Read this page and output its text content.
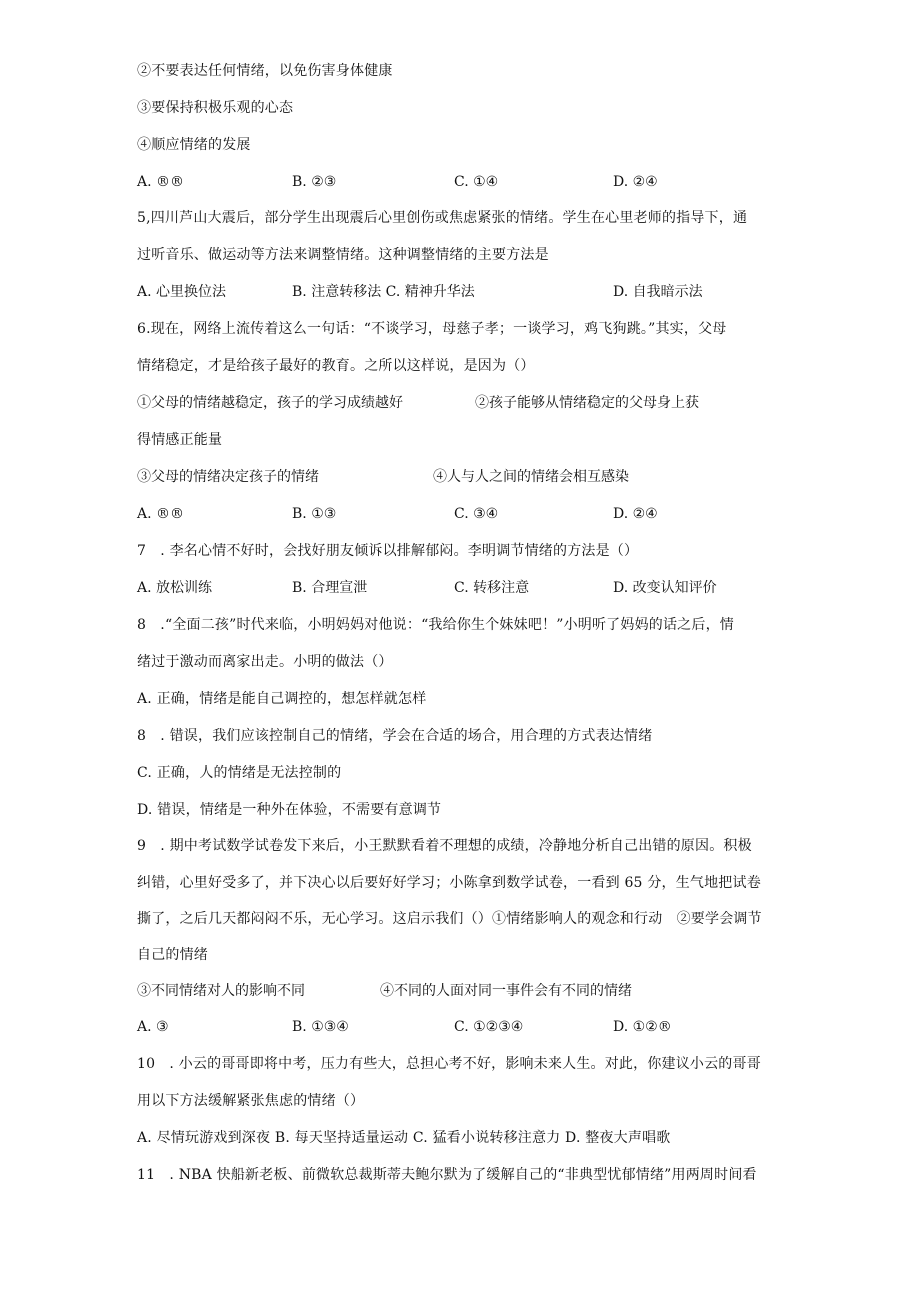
②不要表达任何情绪，以免伤害身体健康
③要保持积极乐观的心态
④顺应情绪的发展
A. ®®	B. ②③	C. ①④	D. ②④
5,四川芦山大震后，部分学生出现震后心里创伤或焦虑紧张的情绪。学生在心里老师的指导下，通
过听音乐、做运动等方法来调整情绪。这种调整情绪的主要方法是
A. 心里换位法	B. 注意转移法 C. 精神升华法	D. 自我暗示法
6.现在，网络上流传着这么一句话：“不谈学习，母慈子孝；一谈学习，鸡飞狗跳。”其实，父母
情绪稳定，才是给孩子最好的教育。之所以这样说，是因为（）
①父母的情绪越稳定，孩子的学习成绩越好	②孩子能够从情绪稳定的父母身上获
得情感正能量
③父母的情绪决定孩子的情绪	④人与人之间的情绪会相互感染
A. ®®	B. ①③	C. ③④	D. ②④
7　. 李名心情不好时，会找好朋友倾诉以排解郁闷。李明调节情绪的方法是（）
A. 放松训练	B. 合理宣泄	C. 转移注意	D. 改变认知评价
8　.“全面二孩”时代来临，小明妈妈对他说：“我给你生个妹妹吧！”小明听了妈妈的话之后，情
绪过于激动而离家出走。小明的做法（）
A. 正确，情绪是能自己调控的，想怎样就怎样
8　. 错误，我们应该控制自己的情绪，学会在合适的场合，用合理的方式表达情绪
C. 正确，人的情绪是无法控制的
D. 错误，情绪是一种外在体验，不需要有意调节
9　. 期中考试数学试卷发下来后，小王默默看着不理想的成绩，冷静地分析自己出错的原因。积极
纠错，心里好受多了，并下决心以后要好好学习；小陈拿到数学试卷，一看到 65 分，生气地把试卷
撕了，之后几天都闷闷不乐，无心学习。这启示我们（）①情绪影响人的观念和行动　②要学会调节
自己的情绪
③不同情绪对人的影响不同	④不同的人面对同一事件会有不同的情绪
A. ③	B. ①③④	C. ①②③④	D. ①②®
10　. 小云的哥哥即将中考，压力有些大，总担心考不好，影响未来人生。对此，你建议小云的哥哥
用以下方法缓解紧张焦虑的情绪（）
A. 尽情玩游戏到深夜 B. 每天坚持适量运动 C. 猛看小说转移注意力 D. 整夜大声唱歌
11　. NBA 快船新老板、前微软总裁斯蒂夫鲍尔默为了缓解自己的“非典型忧郁情绪”用两周时间看
